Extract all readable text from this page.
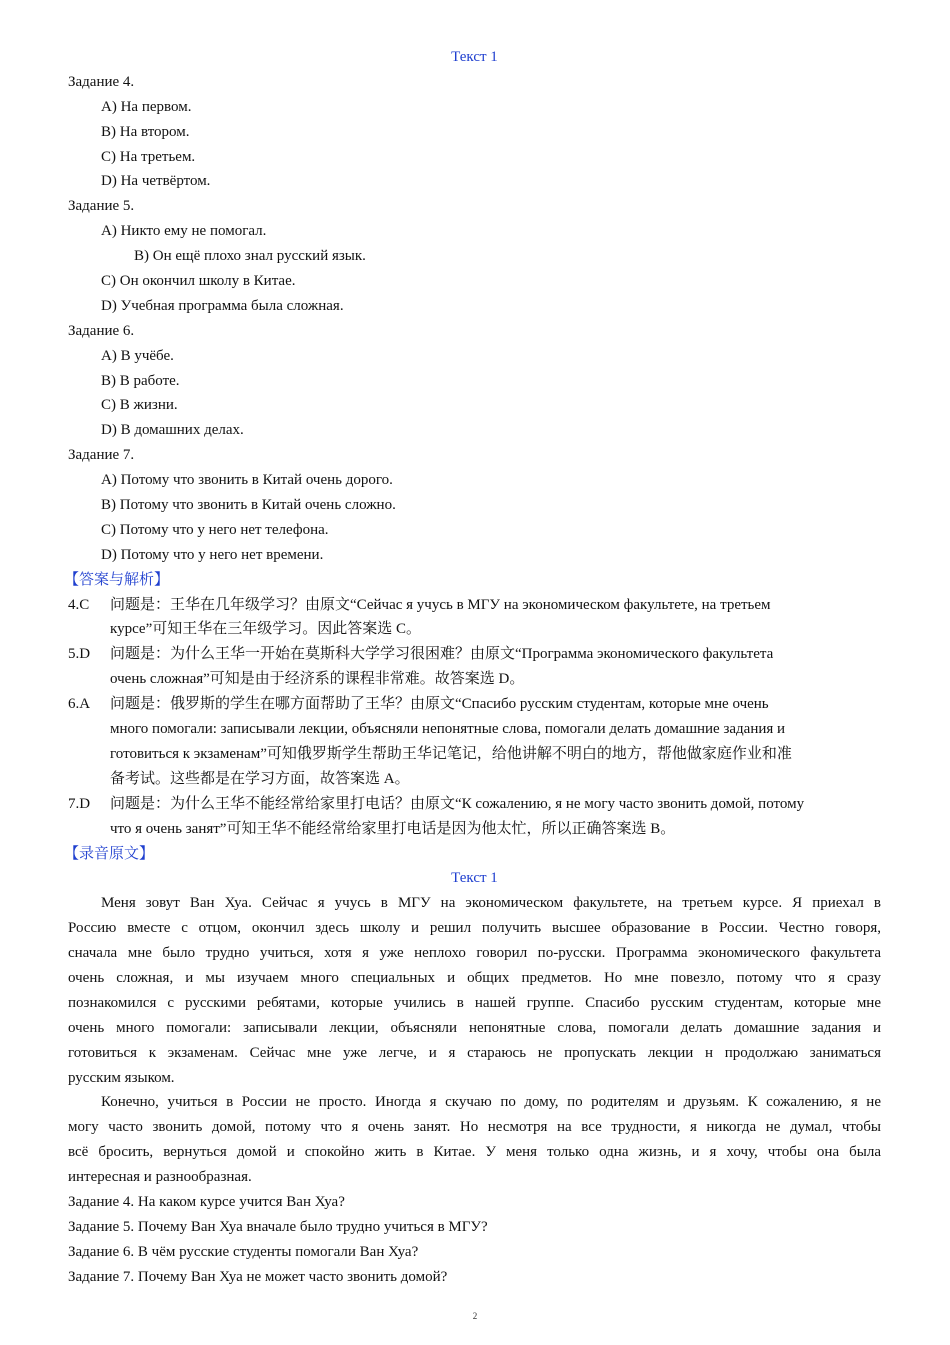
Текст 1
Задание 4.
A) На первом.
B) На втором.
C) На третьем.
D) На четвёртом.
Задание 5.
A) Никто ему не помогал.
B) Он ещё плохо знал русский язык.
C) Он окончил школу в Китае.
D) Учебная программа была сложная.
Задание 6.
A) В учёбе.
B) В работе.
C) В жизни.
D) В домашних делах.
Задание 7.
A) Потому что звонить в Китай очень дорого.
B) Потому что звонить в Китай очень сложно.
C) Потому что у него нет телефона.
D) Потому что у него нет времени.
【答案与解析】
4.C	问题是：王华在几年级学习？由原文“Сейчас я учусь в МГУ на экономическом факультете, на третьем
курсе”可知王华在三年级学习。因此答案选 C。
5.D	问题是：为什么王华一开始在莫斯科大学学习很困难？由原文“Программа экономического факультета
очень сложная”可知是由于经济系的课程非常难。故答案选 D。
6.A	问题是：俄罗斯的学生在哪方面帮助了王华？由原文“Спасибо русским студентам, которые мне очень
много помогали: записывали лекции, объясняли непонятные слова, помогали делать домашние задания и
готовиться к экзаменам”可知俄罗斯学生帮助王华记笔记，给他讲解不明白的地方，帮他做家庭作业和准
备考试。这些都是在学习方面，故答案选 A。
7.D	问题是：为什么王华不能经常给家里打电话？由原文“К сожалению, я не могу часто звонить домой, потому
что я очень занят”可知王华不能经常给家里打电话是因为他太忙，所以正确答案选 B。
【录音原文】
Текст 1
Меня зовут Ван Хуа. Сейчас я учусь в МГУ на экономическом факультете, на третьем курсе. Я приехал в
Россию вместе с отцом, окончил здесь школу и решил получить высшее образование в России. Честно говоря,
сначала мне было трудно учиться, хотя я уже неплохо говорил по-русски. Программа экономического факультета
очень сложная, и мы изучаем много специальных и общих предметов. Но мне повезло, потому что я сразу
познакомился с русскими ребятами, которые учились в нашей группе. Спасибо русским студентам, которые мне
очень много помогали: записывали лекции, объясняли непонятные слова, помогали делать домашние задания и
готовиться к экзаменам. Сейчас мне уже легче, и я стараюсь не пропускать лекции н продолжаю заниматься
русским языком.
Конечно, учиться в России не просто. Иногда я скучаю по дому, по родителям и друзьям. К сожалению, я не
могу часто звонить домой, потому что я очень занят. Но несмотря на все трудности, я никогда не думал, чтобы
всё бросить, вернуться домой и спокойно жить в Китае. У меня только одна жизнь, и я хочу, чтобы она была
интересная и разнообразная.
Задание 4. На каком курсе учится Ван Хуа?
Задание 5. Почему Ван Хуа вначале было трудно учиться в МГУ?
Задание 6. В чём русские студенты помогали Ван Хуа?
Задание 7. Почему Ван Хуа не может часто звонить домой?
2
